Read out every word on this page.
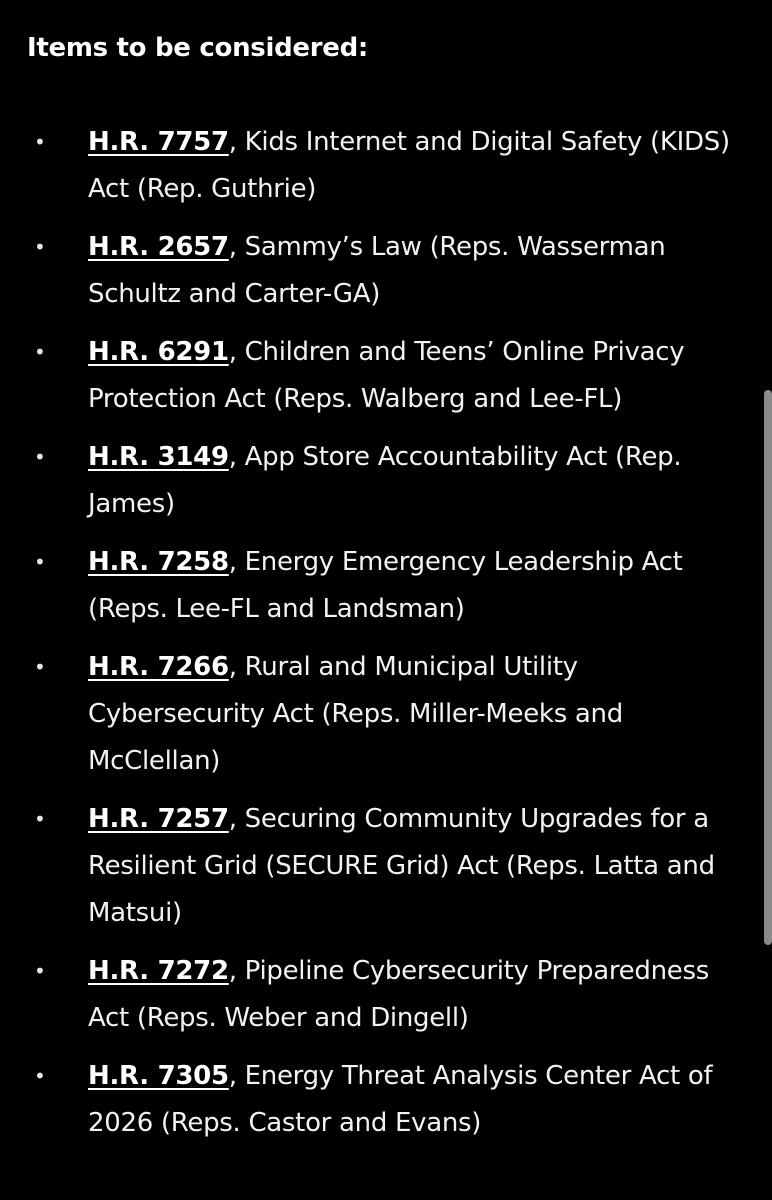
Items to be considered:
• H.R. 7757, Kids Internet and Digital Safety (KIDS) Act (Rep. Guthrie)
• H.R. 2657, Sammy’s Law (Reps. Wasserman Schultz and Carter-GA)
• H.R. 6291, Children and Teens’ Online Privacy Protection Act (Reps. Walberg and Lee-FL)
• H.R. 3149, App Store Accountability Act (Rep. James)
• H.R. 7258, Energy Emergency Leadership Act (Reps. Lee-FL and Landsman)
• H.R. 7266, Rural and Municipal Utility Cybersecurity Act (Reps. Miller-Meeks and McClellan)
• H.R. 7257, Securing Community Upgrades for a Resilient Grid (SECURE Grid) Act (Reps. Latta and Matsui)
• H.R. 7272, Pipeline Cybersecurity Preparedness Act (Reps. Weber and Dingell)
• H.R. 7305, Energy Threat Analysis Center Act of 2026 (Reps. Castor and Evans)
